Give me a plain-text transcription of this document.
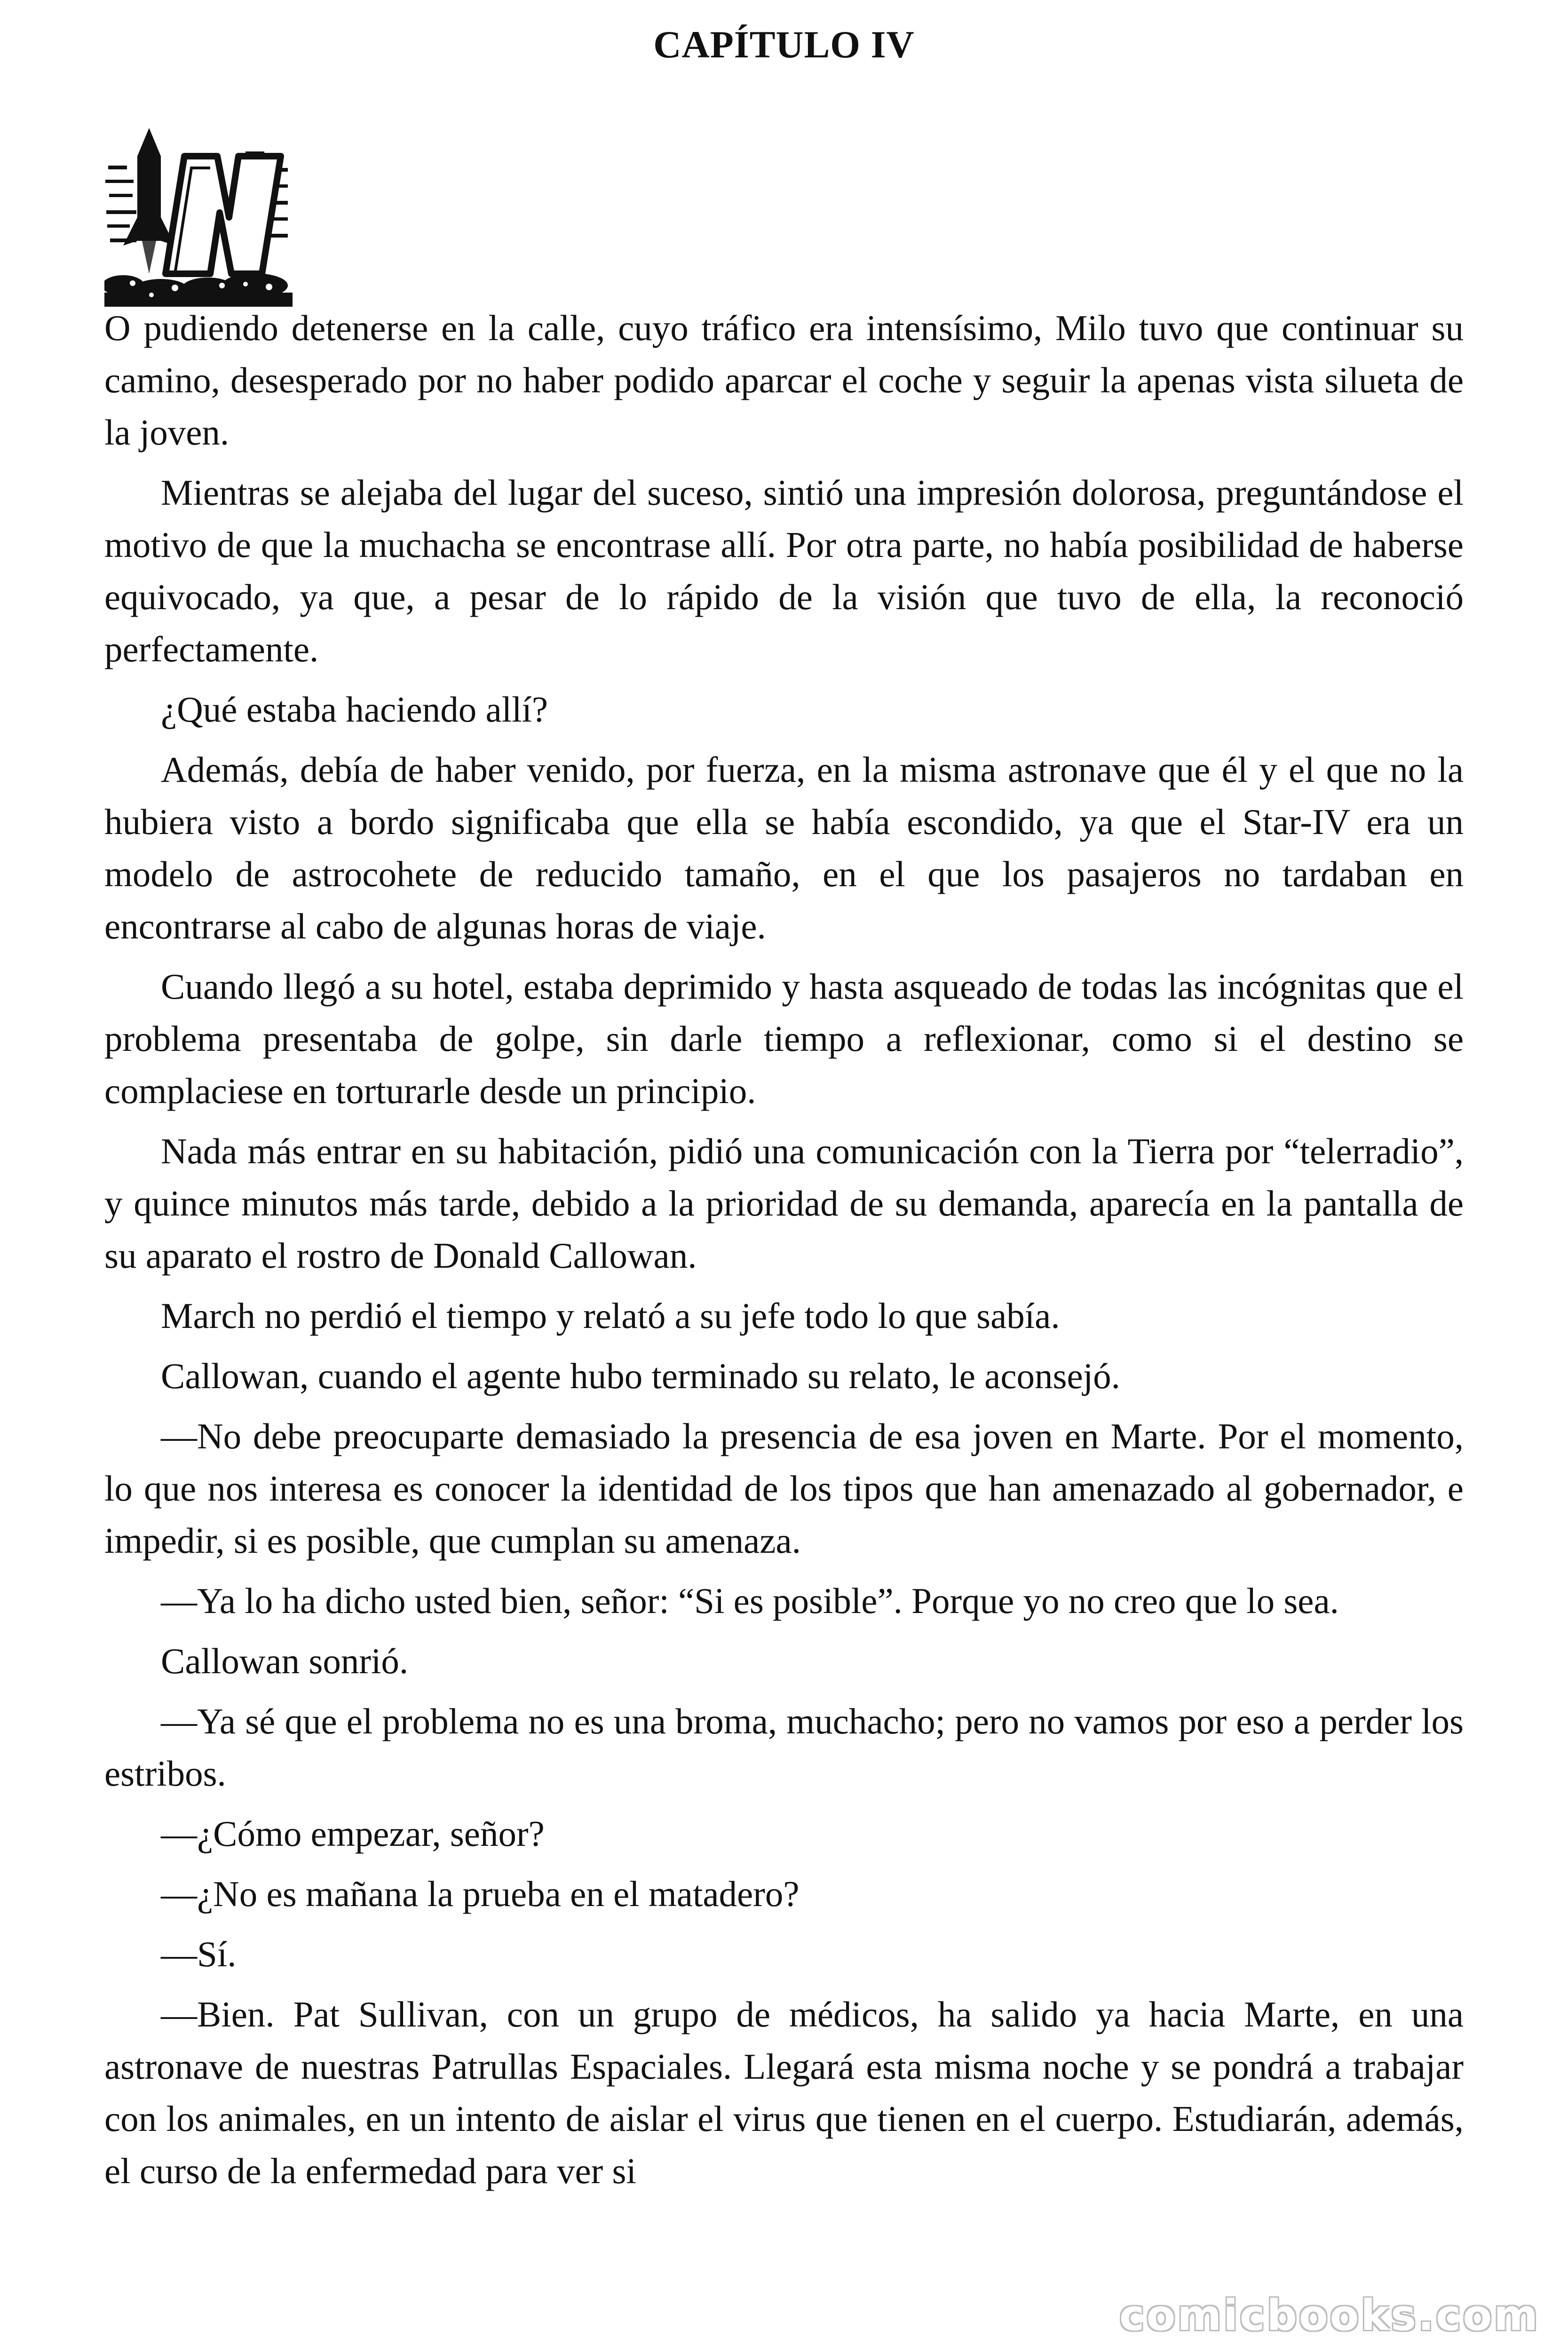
CAPÍTULO IV

O pudiendo detenerse en la calle, cuyo tráfico era intensísimo, Milo tuvo que continuar su camino, desesperado por no haber podido aparcar el coche y seguir la apenas vista silueta de la joven.

Mientras se alejaba del lugar del suceso, sintió una impresión dolorosa, preguntándose el motivo de que la muchacha se encontrase allí. Por otra parte, no había posibilidad de haberse equivocado, ya que, a pesar de lo rápido de la visión que tuvo de ella, la reconoció perfectamente.

¿Qué estaba haciendo allí?

Además, debía de haber venido, por fuerza, en la misma astronave que él y el que no la hubiera visto a bordo significaba que ella se había escondido, ya que el Star-IV era un modelo de astrocohete de reducido tamaño, en el que los pasajeros no tardaban en encontrarse al cabo de algunas horas de viaje.

Cuando llegó a su hotel, estaba deprimido y hasta asqueado de todas las incógnitas que el problema presentaba de golpe, sin darle tiempo a reflexionar, como si el destino se complaciese en torturarle desde un principio.

Nada más entrar en su habitación, pidió una comunicación con la Tierra por “telerradio”, y quince minutos más tarde, debido a la prioridad de su demanda, aparecía en la pantalla de su aparato el rostro de Donald Callowan.

March no perdió el tiempo y relató a su jefe todo lo que sabía.

Callowan, cuando el agente hubo terminado su relato, le aconsejó.

—No debe preocuparte demasiado la presencia de esa joven en Marte. Por el momento, lo que nos interesa es conocer la identidad de los tipos que han amenazado al gobernador, e impedir, si es posible, que cumplan su amenaza.

—Ya lo ha dicho usted bien, señor: “Si es posible”. Porque yo no creo que lo sea.

Callowan sonrió.

—Ya sé que el problema no es una broma, muchacho; pero no vamos por eso a perder los estribos.

—¿Cómo empezar, señor?

—¿No es mañana la prueba en el matadero?

—Sí.

—Bien. Pat Sullivan, con un grupo de médicos, ha salido ya hacia Marte, en una astronave de nuestras Patrullas Espaciales. Llegará esta misma noche y se pondrá a trabajar con los animales, en un intento de aislar el virus que tienen en el cuerpo. Estudiarán, además, el curso de la enfermedad para ver si

comicbooks.com
